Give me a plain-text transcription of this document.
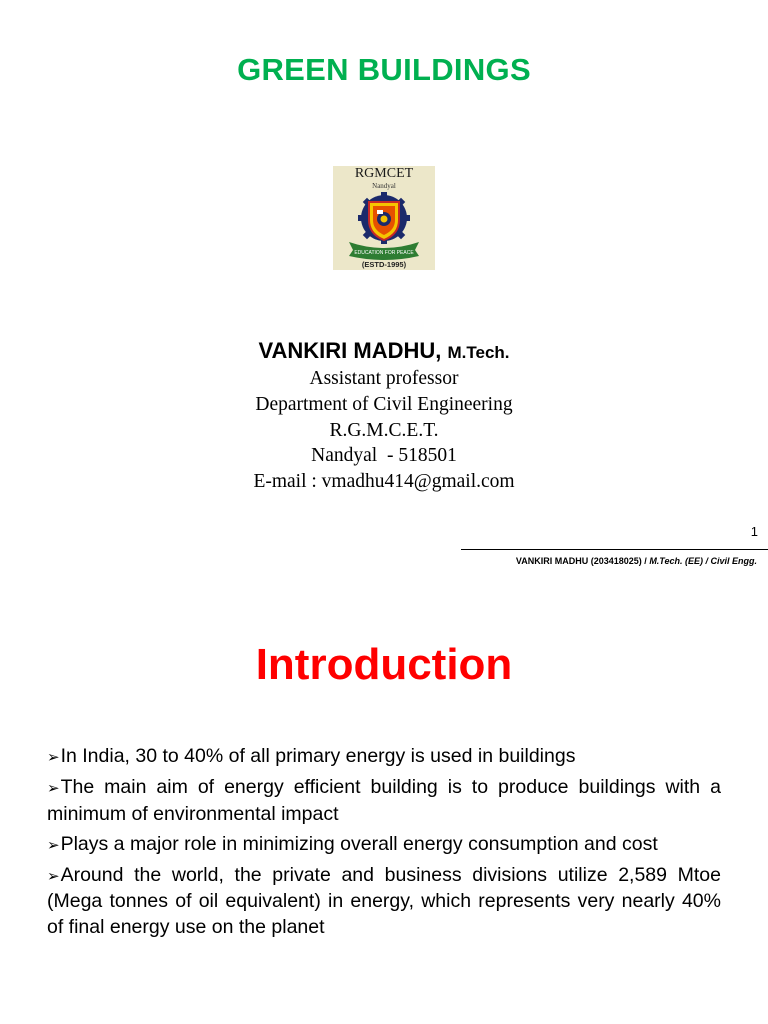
GREEN BUILDINGS
RGMCET
Nandyal
EDUCATION FOR PEACE
(ESTD-1995)
VANKIRI MADHU, M.Tech.
Assistant professor
Department of Civil Engineering
R.G.M.C.E.T.
Nandyal  - 518501
E-mail : vmadhu414@gmail.com
1
VANKIRI MADHU (203418025) / M.Tech. (EE) / Civil Engg.
Introduction
➢In India, 30 to 40% of all primary energy is used in buildings
➢The main aim of energy efficient building is to produce buildings with a minimum of environmental impact
➢Plays a major role in minimizing overall energy consumption and cost
➢Around the world, the private and business divisions utilize 2,589 Mtoe (Mega tonnes of oil equivalent) in energy, which represents very nearly 40% of final energy use on the planet
